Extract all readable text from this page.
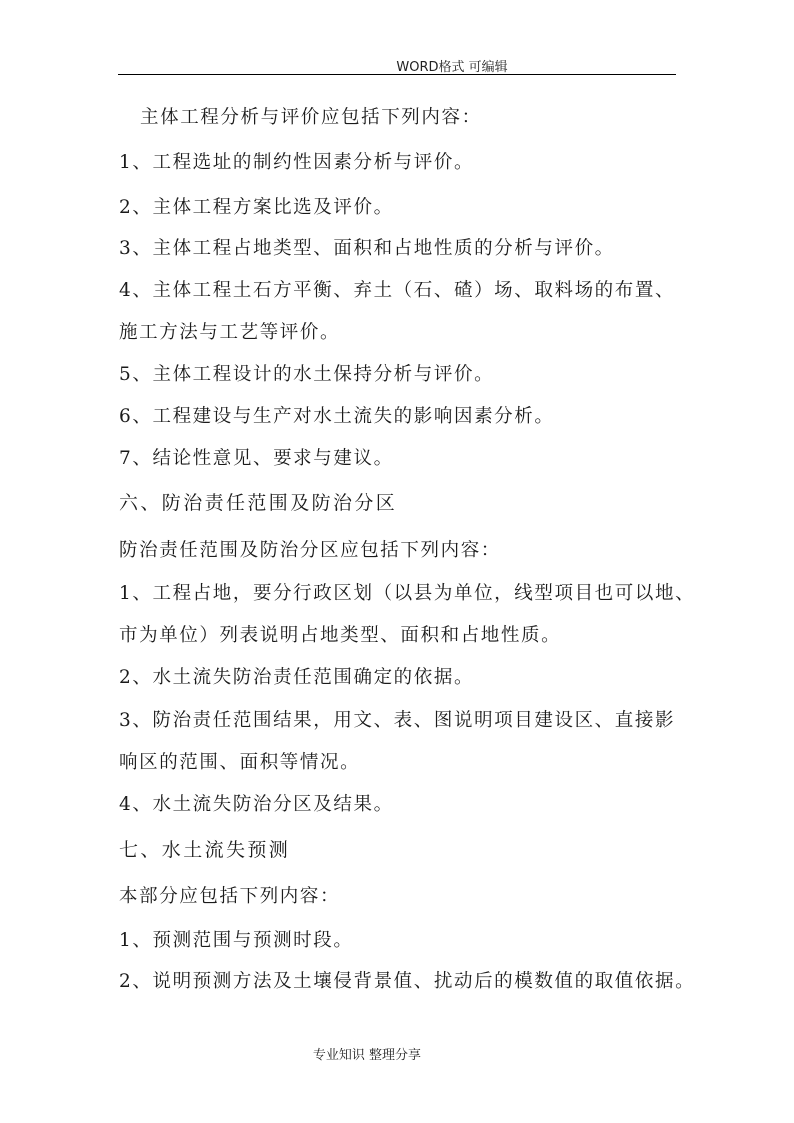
WORD格式 可编辑
主体工程分析与评价应包括下列内容：
1、工程选址的制约性因素分析与评价。
2、主体工程方案比选及评价。
3、主体工程占地类型、面积和占地性质的分析与评价。
4、主体工程土石方平衡、弃土（石、碴）场、取料场的布置、
施工方法与工艺等评价。
5、主体工程设计的水土保持分析与评价。
6、工程建设与生产对水土流失的影响因素分析。
7、结论性意见、要求与建议。
六、防治责任范围及防治分区
防治责任范围及防治分区应包括下列内容：
1、工程占地，要分行政区划（以县为单位，线型项目也可以地、
市为单位）列表说明占地类型、面积和占地性质。
2、水土流失防治责任范围确定的依据。
3、防治责任范围结果，用文、表、图说明项目建设区、直接影
响区的范围、面积等情况。
4、水土流失防治分区及结果。
七、水土流失预测
本部分应包括下列内容：
1、预测范围与预测时段。
2、说明预测方法及土壤侵背景值、扰动后的模数值的取值依据。
专业知识 整理分享
